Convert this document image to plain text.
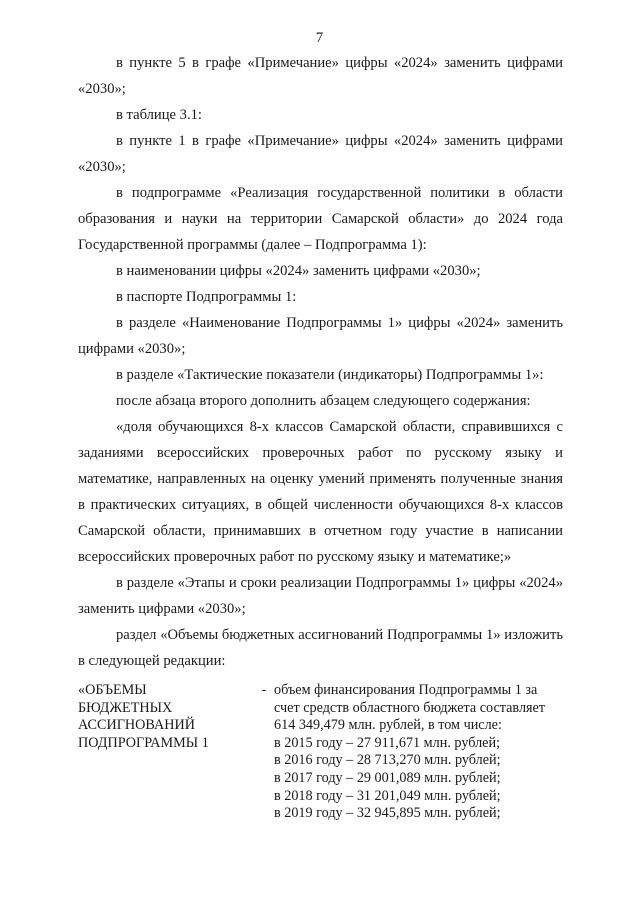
7

в пункте 5 в графе «Примечание» цифры «2024» заменить цифрами «2030»;

в таблице 3.1:

в пункте 1 в графе «Примечание» цифры «2024» заменить цифрами «2030»;

в подпрограмме «Реализация государственной политики в области образования и науки на территории Самарской области» до 2024 года Государственной программы (далее – Подпрограмма 1):

в наименовании цифры «2024» заменить цифрами «2030»;

в паспорте Подпрограммы 1:

в разделе «Наименование Подпрограммы 1» цифры «2024» заменить цифрами «2030»;

в разделе «Тактические показатели (индикаторы) Подпрограммы 1»:

после абзаца второго дополнить абзацем следующего содержания:

«доля обучающихся 8-х классов Самарской области, справившихся с заданиями всероссийских проверочных работ по русскому языку и математике, направленных на оценку умений применять полученные знания в практических ситуациях, в общей численности обучающихся 8-х классов Самарской области, принимавших в отчетном году участие в написании всероссийских проверочных работ по русскому языку и математике;»

в разделе «Этапы и сроки реализации Подпрограммы 1» цифры «2024» заменить цифрами «2030»;

раздел «Объемы бюджетных ассигнований Подпрограммы 1» изложить в следующей редакции:

«ОБЪЕМЫ
БЮДЖЕТНЫХ
АССИГНОВАНИЙ
ПОДПРОГРАММЫ 1
- объем финансирования Подпрограммы 1 за
счет средств областного бюджета составляет
614 349,479 млн. рублей, в том числе:
в 2015 году – 27 911,671 млн. рублей;
в 2016 году – 28 713,270 млн. рублей;
в 2017 году – 29 001,089 млн. рублей;
в 2018 году – 31 201,049 млн. рублей;
в 2019 году – 32 945,895 млн. рублей;
